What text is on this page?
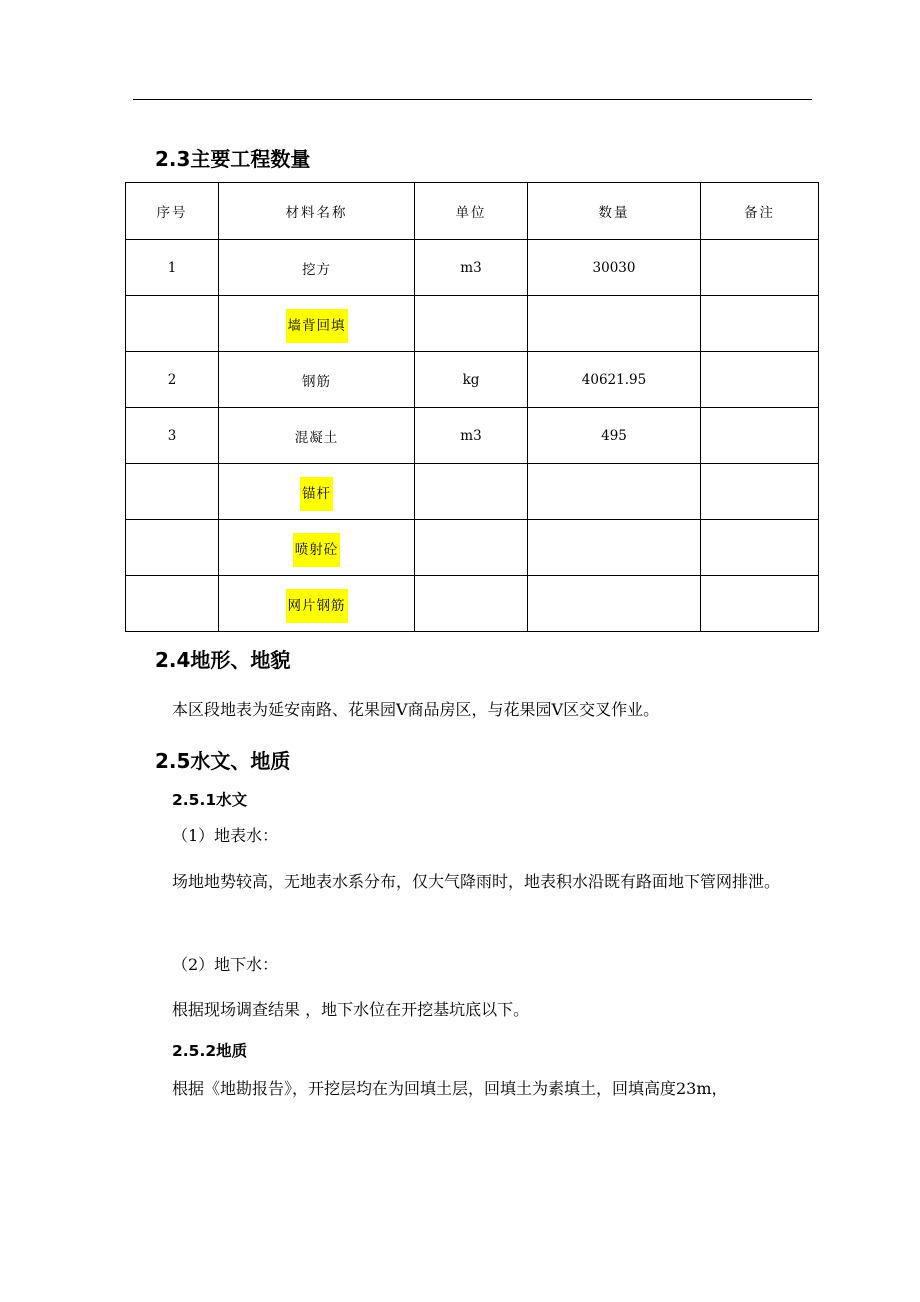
2.3主要工程数量
序号	材料名称	单位	数量	备注
1	挖方	m3	30030	
	墙背回填			
2	钢筋	kg	40621.95	
3	混凝土	m3	495	
	锚杆			
	喷射砼			
	网片钢筋			
2.4地形、地貌
本区段地表为延安南路、花果园Ⅴ商品房区，与花果园Ⅴ区交叉作业。
2.5水文、地质
2.5.1水文
（1）地表水：
场地地势较高，无地表水系分布，仅大气降雨时，地表积水沿既有路面地下管网排泄。
（2）地下水：
根据现场调查结果 ，地下水位在开挖基坑底以下。
2.5.2地质
根据《地勘报告》，开挖层均在为回填土层，回填土为素填土，回填高度23m，
